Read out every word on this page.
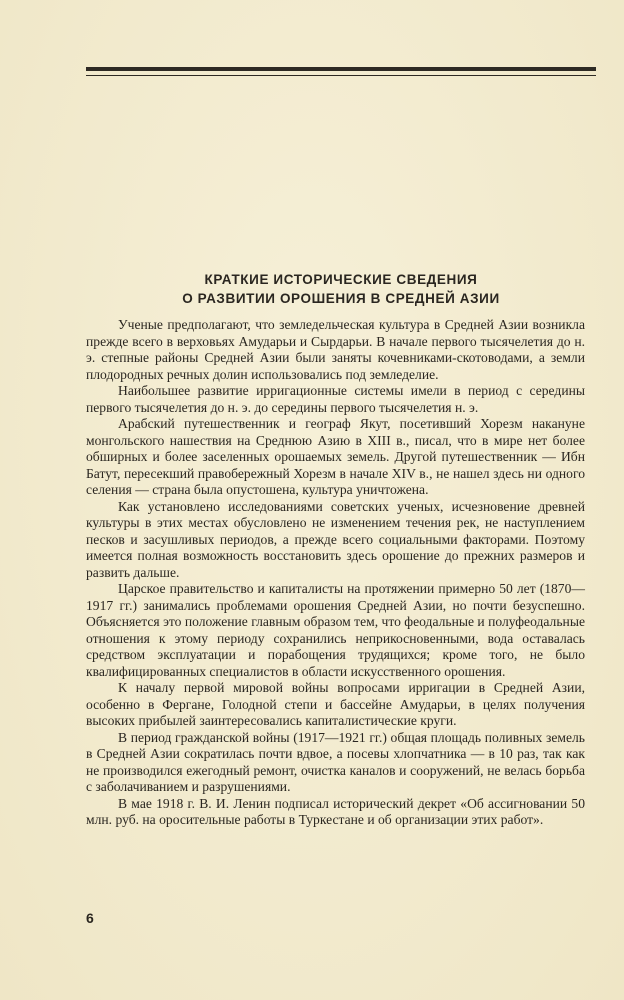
КРАТКИЕ ИСТОРИЧЕСКИЕ СВЕДЕНИЯ
О РАЗВИТИИ ОРОШЕНИЯ В СРЕДНЕЙ АЗИИ

Ученые предполагают, что земледельческая культура в Средней Азии возникла прежде всего в верховьях Амударьи и Сырдарьи. В начале первого тысячелетия до н. э. степные районы Средней Азии были заняты кочевниками-скотоводами, а земли плодородных речных долин использовались под земледелие.

Наибольшее развитие ирригационные системы имели в период с середины первого тысячелетия до н. э. до середины первого тысячелетия н. э.

Арабский путешественник и географ Якут, посетивший Хорезм накануне монгольского нашествия на Среднюю Азию в XIII в., писал, что в мире нет более обширных и более заселенных орошаемых земель. Другой путешественник — Ибн Батут, пересекший правобережный Хорезм в начале XIV в., не нашел здесь ни одного селения — страна была опустошена, культура уничтожена.

Как установлено исследованиями советских ученых, исчезновение древней культуры в этих местах обусловлено не изменением течения рек, не наступлением песков и засушливых периодов, а прежде всего социальными факторами. Поэтому имеется полная возможность восстановить здесь орошение до прежних размеров и развить дальше.

Царское правительство и капиталисты на протяжении примерно 50 лет (1870—1917 гг.) занимались проблемами орошения Средней Азии, но почти безуспешно. Объясняется это положение главным образом тем, что феодальные и полуфеодальные отношения к этому периоду сохранились неприкосновенными, вода оставалась средством эксплуатации и порабощения трудящихся; кроме того, не было квалифицированных специалистов в области искусственного орошения.

К началу первой мировой войны вопросами ирригации в Средней Азии, особенно в Фергане, Голодной степи и бассейне Амударьи, в целях получения высоких прибылей заинтересовались капиталистические круги.

В период гражданской войны (1917—1921 гг.) общая площадь поливных земель в Средней Азии сократилась почти вдвое, а посевы хлопчатника — в 10 раз, так как не производился ежегодный ремонт, очистка каналов и сооружений, не велась борьба с заболачиванием и разрушениями.

В мае 1918 г. В. И. Ленин подписал исторический декрет «Об ассигновании 50 млн. руб. на оросительные работы в Туркестане и об организации этих работ».

6
